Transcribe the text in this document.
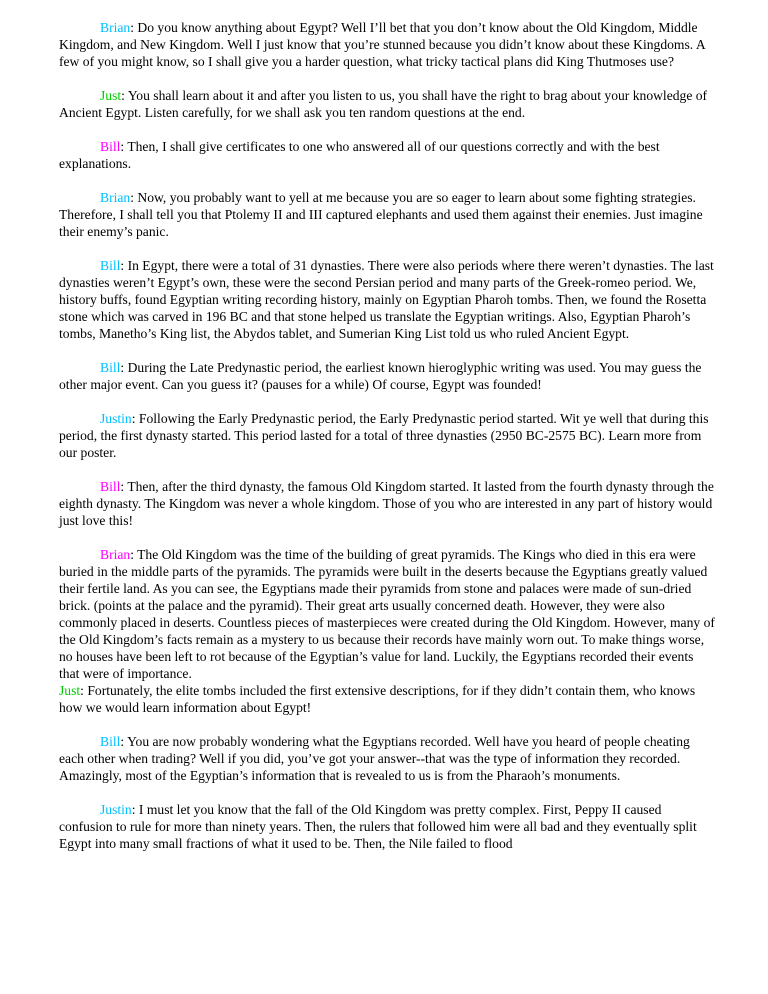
Brian: Do you know anything about Egypt? Well I’ll bet that you don’t know about the Old Kingdom, Middle Kingdom, and New Kingdom. Well I just know that you’re stunned because you didn’t know about these Kingdoms. A few of you might know, so I shall give you a harder question, what tricky tactical plans did King Thutmoses use?

Just: You shall learn about it and after you listen to us, you shall have the right to brag about your knowledge of Ancient Egypt. Listen carefully, for we shall ask you ten random questions at the end.

Bill: Then, I shall give certificates to one who answered all of our questions correctly and with the best explanations.

Brian: Now, you probably want to yell at me because you are so eager to learn about some fighting strategies. Therefore, I shall tell you that Ptolemy II and III captured elephants and used them against their enemies. Just imagine their enemy’s panic.

Bill: In Egypt, there were a total of 31 dynasties. There were also periods where there weren’t dynasties. The last dynasties weren’t Egypt’s own, these were the second Persian period and many parts of the Greek-romeo period. We, history buffs, found Egyptian writing recording history, mainly on Egyptian Pharoh tombs. Then, we found the Rosetta stone which was carved in 196 BC and that stone helped us translate the Egyptian writings. Also, Egyptian Pharoh’s tombs, Manetho’s King list, the Abydos tablet, and Sumerian King List told us who ruled Ancient Egypt.

Bill: During the Late Predynastic period, the earliest known hieroglyphic writing was used. You may guess the other major event. Can you guess it? (pauses for a while) Of course, Egypt was founded!

Justin: Following the Early Predynastic period, the Early Predynastic period started. Wit ye well that during this period, the first dynasty started. This period lasted for a total of three dynasties (2950 BC-2575 BC). Learn more from our poster.

Bill: Then, after the third dynasty, the famous Old Kingdom started. It lasted from the fourth dynasty through the eighth dynasty. The Kingdom was never a whole kingdom. Those of you who are interested in any part of history would just love this!

Brian: The Old Kingdom was the time of the building of great pyramids. The Kings who died in this era were buried in the middle parts of the pyramids. The pyramids were built in the deserts because the Egyptians greatly valued their fertile land. As you can see, the Egyptians made their pyramids from stone and palaces were made of sun-dried brick. (points at the palace and the pyramid). Their great arts usually concerned death. However, they were also commonly placed in deserts. Countless pieces of masterpieces were created during the Old Kingdom. However, many of the Old Kingdom’s facts remain as a mystery to us because their records have mainly worn out. To make things worse, no houses have been left to rot because of the Egyptian’s value for land. Luckily, the Egyptians recorded their events that were of importance.

Just: Fortunately, the elite tombs included the first extensive descriptions, for if they didn’t contain them, who knows how we would learn information about Egypt!

Bill: You are now probably wondering what the Egyptians recorded. Well have you heard of people cheating each other when trading? Well if you did, you’ve got your answer--that was the type of information they recorded. Amazingly, most of the Egyptian’s information that is revealed to us is from the Pharaoh’s monuments.

Justin: I must let you know that the fall of the Old Kingdom was pretty complex. First, Peppy II caused confusion to rule for more than ninety years. Then, the rulers that followed him were all bad and they eventually split Egypt into many small fractions of what it used to be. Then, the Nile failed to flood
